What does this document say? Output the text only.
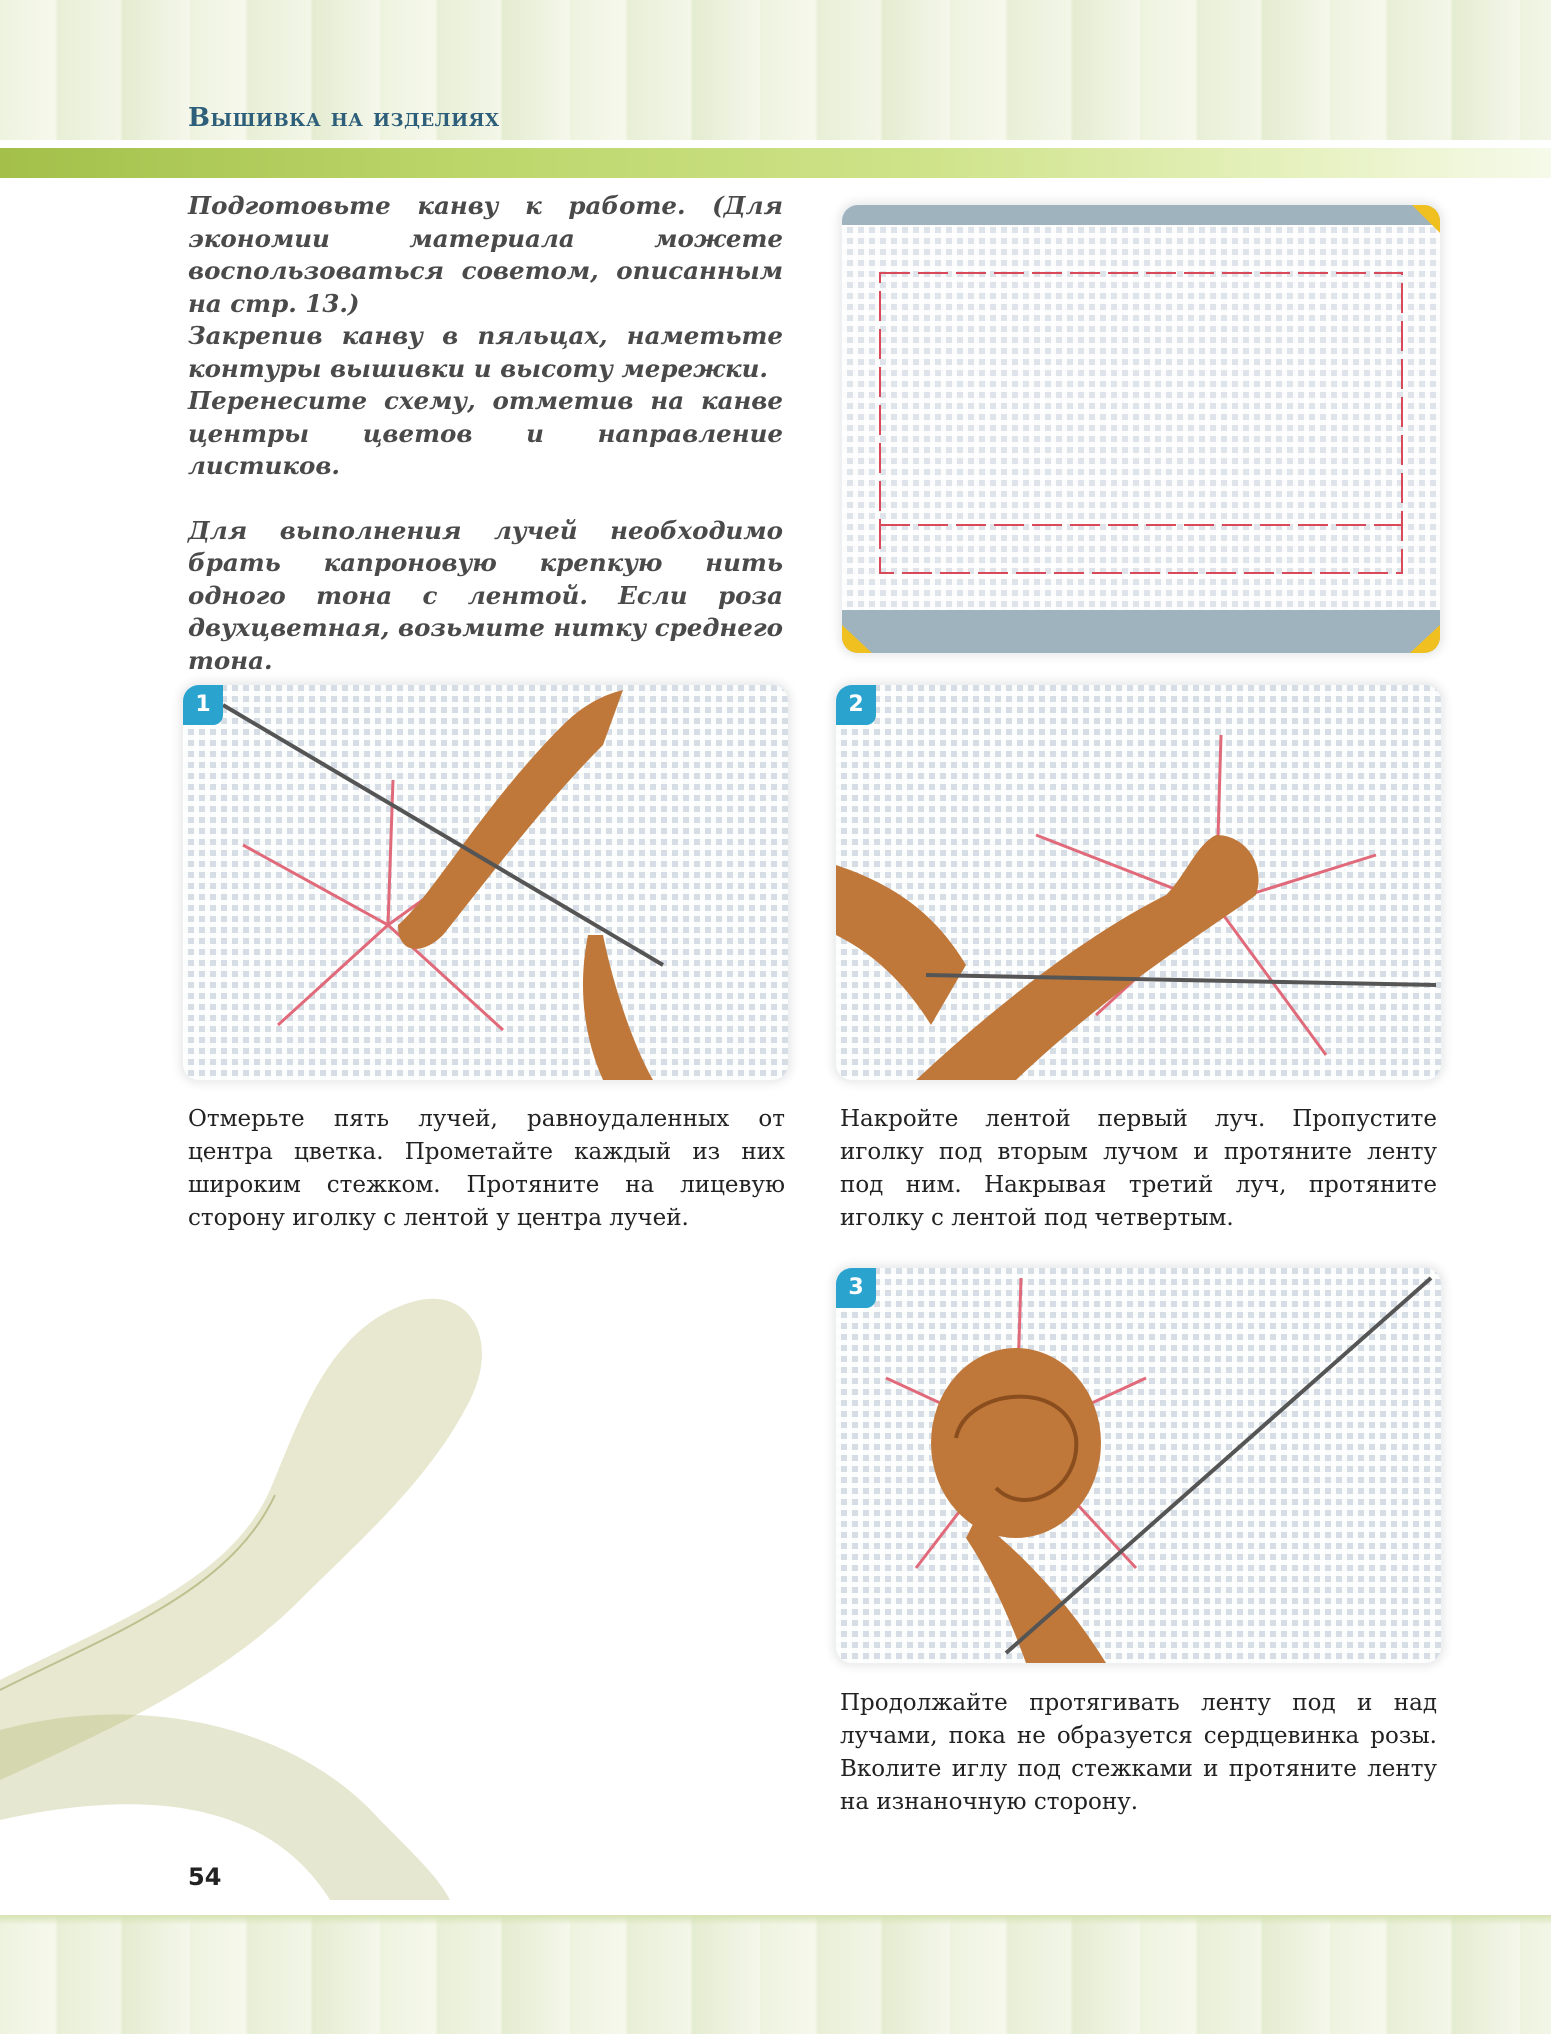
Вышивка на изделиях

Подготовьте канву к работе. (Для экономии материала можете воспользоваться советом, описанным на стр. 13.)

Закрепив канву в пяльцах, наметьте контуры вышивки и высоту мережки.

Перенесите схему, отметив на канве центры цветов и направление листиков.

Для выполнения лучей необходимо брать капроновую крепкую нить одного тона с лентой. Если роза двухцветная, возьмите нитку среднего тона.

1	2
Отмерьте пять лучей, равноудаленных от центра цветка. Прометайте каждый из них широким стежком. Протяните на лицевую сторону иголку с лентой у центра лучей.
Накройте лентой первый луч. Пропустите иголку под вторым лучом и протяните ленту под ним. Накрывая третий луч, протяните иголку с лентой под четвертым.
3
Продолжайте протягивать ленту под и над лучами, пока не образуется сердцевинка розы. Вколите иглу под стежками и протяните ленту на изнаночную сторону.

54
